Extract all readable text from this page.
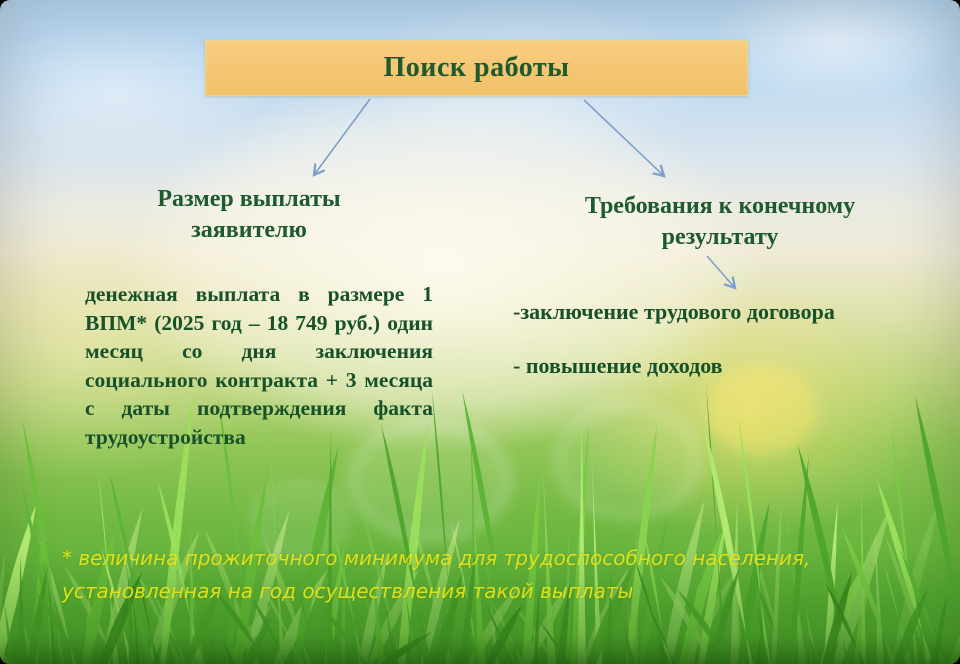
Поиск работы
Размер выплаты заявителю
денежная выплата в размере 1 ВПМ* (2025 год – 18 749 руб.) один месяц со дня заключения социального контракта + 3 месяца с даты подтверждения факта трудоустройства
Требования к конечному результату
-заключение трудового договора
- повышение доходов
* величина прожиточного минимума для трудоспособного населения, установленная на год осуществления такой выплаты
